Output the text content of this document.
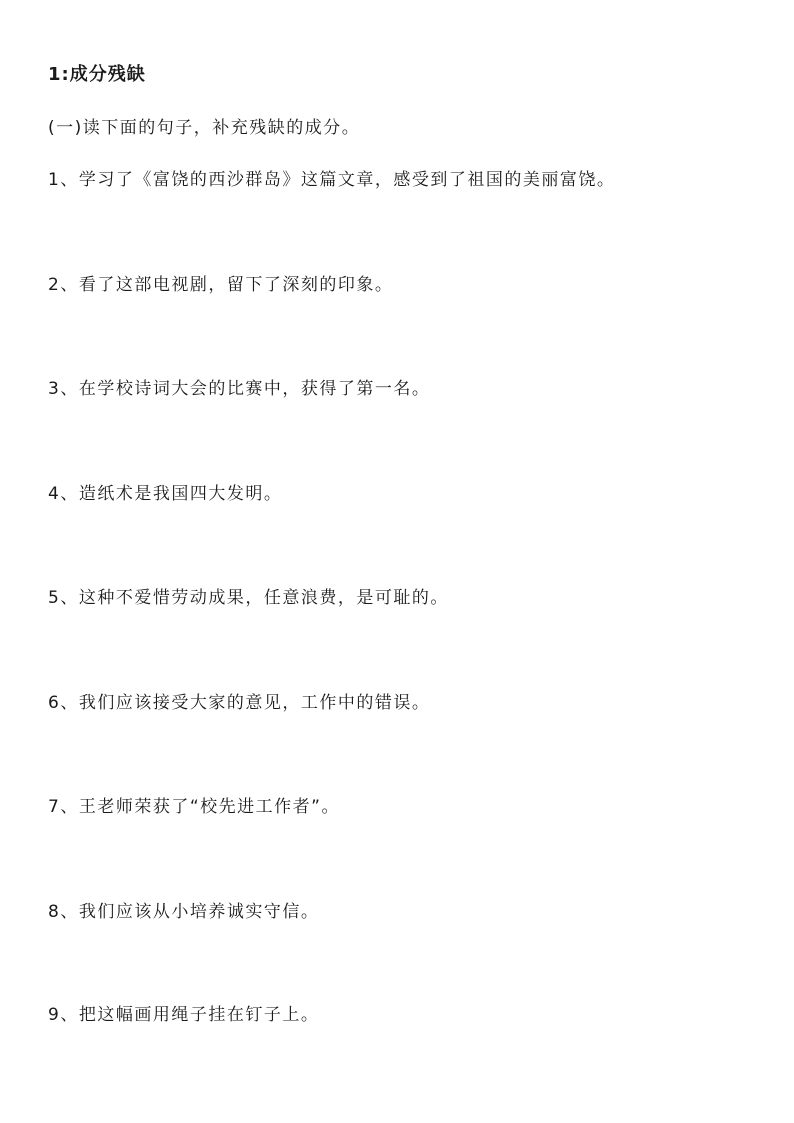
1:成分残缺
(一)读下面的句子，补充残缺的成分。
1、学习了《富饶的西沙群岛》这篇文章，感受到了祖国的美丽富饶。
2、看了这部电视剧，留下了深刻的印象。
3、在学校诗词大会的比赛中，获得了第一名。
4、造纸术是我国四大发明。
5、这种不爱惜劳动成果，任意浪费，是可耻的。
6、我们应该接受大家的意见，工作中的错误。
7、王老师荣获了“校先进工作者”。
8、我们应该从小培养诚实守信。
9、把这幅画用绳子挂在钉子上。
